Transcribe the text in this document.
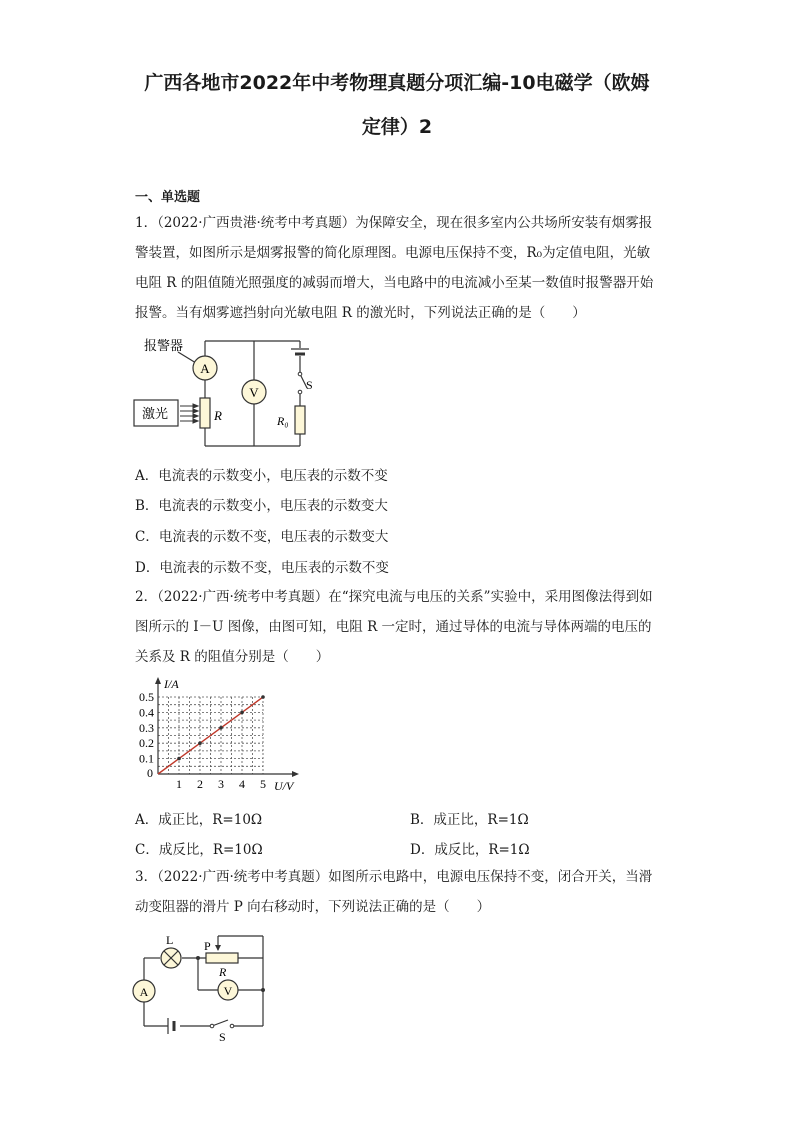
广西各地市2022年中考物理真题分项汇编-10电磁学（欧姆
定律）2
一、单选题
1．（2022·广西贵港·统考中考真题）为保障安全，现在很多室内公共场所安装有烟雾报
警装置，如图所示是烟雾报警的简化原理图。电源电压保持不变，R₀为定值电阻，光敏
电阻 R 的阻值随光照强度的减弱而增大，当电路中的电流减小至某一数值时报警器开始
报警。当有烟雾遮挡射向光敏电阻 R 的激光时，下列说法正确的是（　　）
A
V
R	R₀
报警器
激光
S
A．电流表的示数变小，电压表的示数不变
B．电流表的示数变小，电压表的示数变大
C．电流表的示数不变，电压表的示数变大
D．电流表的示数不变，电压表的示数不变
2．（2022·广西·统考中考真题）在“探究电流与电压的关系”实验中，采用图像法得到如
图所示的 I－U 图像，由图可知，电阻 R 一定时，通过导体的电流与导体两端的电压的
关系及 R 的阻值分别是（　　）
1 2 3 4 5
0.1
0.2
0.3
0.4
0.5
I/A
U/V
0
A．成正比，R=10Ω	B．成正比，R=1Ω
C．成反比，R=10Ω	D．成反比，R=1Ω
3．（2022·广西·统考中考真题）如图所示电路中，电源电压保持不变，闭合开关，当滑
动变阻器的滑片 P 向右移动时，下列说法正确的是（　　）
A	V
L	P
R
S
